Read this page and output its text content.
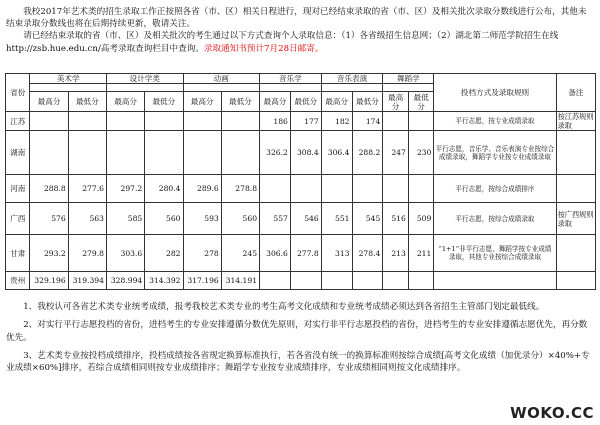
我校2017年艺术类的招生录取工作正按照各省（市、区）相关日程进行，现对已经结束录取的省（市、区）及相关批次录取分数线进行公布，其他未结束录取分数线也将在后期持续更新，敬请关注。

请已经结束录取的省（市、区）及相关批次的考生通过以下方式查询个人录取信息：（1）各省级招生信息网；（2）湖北第二师范学院招生在线 http://zsb.hue.edu.cn/高考录取查询栏目中查询。录取通知书预计7月28日邮寄。

省份	美术学		设计学类		动画		音乐学		音乐表演		舞蹈学		投档方式及录取规则	备注

	最高分	最低分	最高分	最低分	最高分	最低分	最高分	最低分	最高分	最低分	最高分	最低分		
江苏							186	177	182	174			平行志愿，按专业成绩录取	按江苏规则录取
湖南							326.2	308.4	306.4	288.2	247	230	平行志愿，音乐学、音乐表演专业按综合成绩录取，舞蹈学专业按专业成绩录取	
河南	288.8	277.6	297.2	280.4	289.6	278.8							平行志愿，按综合成绩排序	
广西	576	563	585	560	593	560	557	546	551	545	516	509	平行志愿，按综合成绩录取	按广西规则录取
甘肃	293.2	279.8	303.6	282	278	245	306.6	277.8	313	278.4	213	211	“1+1”非平行志愿，舞蹈学按专业成绩录取，其他专业按综合成绩录取	
贵州	329.196	319.394	328.994	314.392	317.196	314.191								

1、我校认可各省艺术类专业统考成绩，报考我校艺术类专业的考生高考文化成绩和专业统考成绩必须达到各省招生主管部门划定最低线。

2、对实行平行志愿投档的省份，进档考生的专业安排遵循分数优先原则，对实行非平行志愿投档的省份，进档考生的专业安排遵循志愿优先，再分数优先。

3、艺术类专业按投档成绩排序，投档成绩按各省规定换算标准执行，若各省没有统一的换算标准则按综合成绩[高考文化成绩（加优录分）×40%+专业成绩×60%]排序，若综合成绩相同则按专业成绩排序；舞蹈学专业按专业成绩排序，专业成绩相同则按文化成绩排序。

WOKO.CC
